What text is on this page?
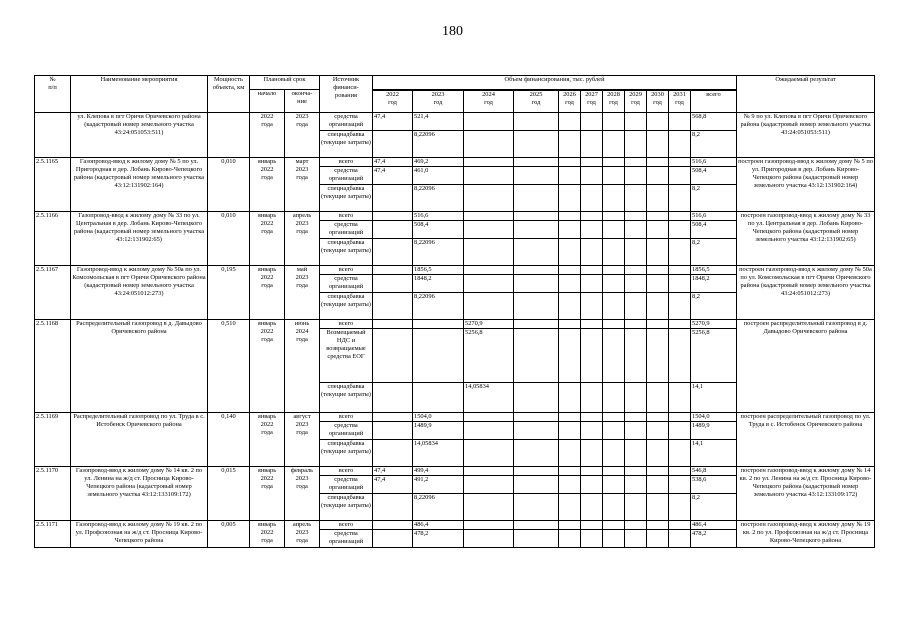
180
№
п/п	Наименование мероприятия	Мощность объекта, км	Плановый срок		Источник финанси-
рования	Объем финансирования, тыс. рублей											Ожидаемый результат
			начало	оконча-
ние													
						2022
год	2023
год	2024
год	2025
год	2026
год	2027
год	2028
год	2029
год	2030
год	2031
год	всего	
	ул. Клепова в пгт Оричи Оричевского района (кадастровый номер земельного участка 43:24:051053:511)		2022
года	2023
года	средства организаций	47,4	521,4									568,8	№ 9 по ул. Клепова в пгт Оричи Оричевского района (кадастровый номер земельного участка 43:24:051053:511)
					спецнадбавка (текущие затраты)		8,22096									8,2	
2.5.1165	Газопровод-ввод к жилому дому № 5 по ул. Пригородная в дер. Лобань Кирово-Чепецкого района (кадастровый номер земельного участка 43:12:131902:164)	0,010	январь
2022
года	март
2023
года	всего	47,4	469,2									516,6	построен газопровод-ввод к жилому дому № 5 по ул. Пригородная в дер. Лобань Кирово-Чепецкого района (кадастровый номер земельного участка 43:12:131902:164)
					средства организаций	47,4	461,0									508,4	
					спецнадбавка (текущие затраты)		8,22096									8,2	
2.5.1166	Газопровод-ввод к жилому дому № 33 по ул. Центральная в дер. Лобань Кирово-Чепецкого района (кадастровый номер земельного участка 43:12:131902:65)	0,010	январь
2022
года	апрель
2023
года	всего		516,6									516,6	построен газопровод-ввод к жилому дому № 33 по ул. Центральная в дер. Лобань Кирово-Чепецкого района (кадастровый номер земельного участка 43:12:131902:65)
					средства организаций		508,4									508,4	
					спецнадбавка (текущие затраты)		8,22096									8,2	
2.5.1167	Газопровод-ввод к жилому дому № 50а по ул. Комсомольская в пгт Оричи Оричевского района (кадастровый номер земельного участка 43:24:051012:273)	0,195	январь
2022
года	май
2023
года	всего		1856,5									1856,5	построен газопровод-ввод к жилому дому № 50а по ул. Комсомольская в пгт Оричи Оричевского района (кадастровый номер земельного участка 43:24:051012:273)
					средства организаций		1848,2									1848,2	
					спецнадбавка (текущие затраты)		8,22096									8,2	
2.5.1168	Распределительный газопровод в д. Давыдово Оричевского района	0,510	январь
2022
года	июнь
2024
года	всего			5270,9								5270,9	построен распределительный газопровод в д. Давыдово Оричевского района
					Возмещаемый НДС и возвращаемые средства ЕОГ			5256,8								5256,8	
					спецнадбавка (текущие затраты)			14,05834								14,1	
2.5.1169	Распределительный газопровод по ул. Труда в с. Истобенск Оричевского района	0,140	январь
2022
года	август
2023
года	всего		1504,0									1504,0	построен распределительный газопровод по ул. Труда в с. Истобенск Оричевского района
					средства организаций		1489,9									1489,9	
					спецнадбавка (текущие затраты)		14,05834									14,1	
2.5.1170	Газопровод-ввод к жилому дому № 14 кв. 2 по ул. Ленина на ж/д ст. Просница Кирово-Чепецкого района (кадастровый номер земельного участка 43:12:133109:172)	0,015	январь
2022
года	февраль
2023
года	всего	47,4	499,4									546,8	построен газопровод-ввод к жилому дому № 14 кв. 2 по ул. Ленина на ж/д ст. Просница Кирово-Чепецкого района (кадастровый номер земельного участка 43:12:133109:172)
					средства организаций	47,4	491,2									538,6	
					спецнадбавка (текущие затраты)		8,22096									8,2	
2.5.1171	Газопровод-ввод к жилому дому № 19 кв. 2 по ул. Профсоюзная на ж/д ст. Просница Кирово-Чепецкого района	0,005	январь
2022
года	апрель
2023
года	всего		486,4									486,4	построен газопровод-ввод к жилому дому № 19 кв. 2 по ул. Профсоюзная на ж/д ст. Просница Кирово-Чепецкого района
					средства организаций		478,2									478,2	
